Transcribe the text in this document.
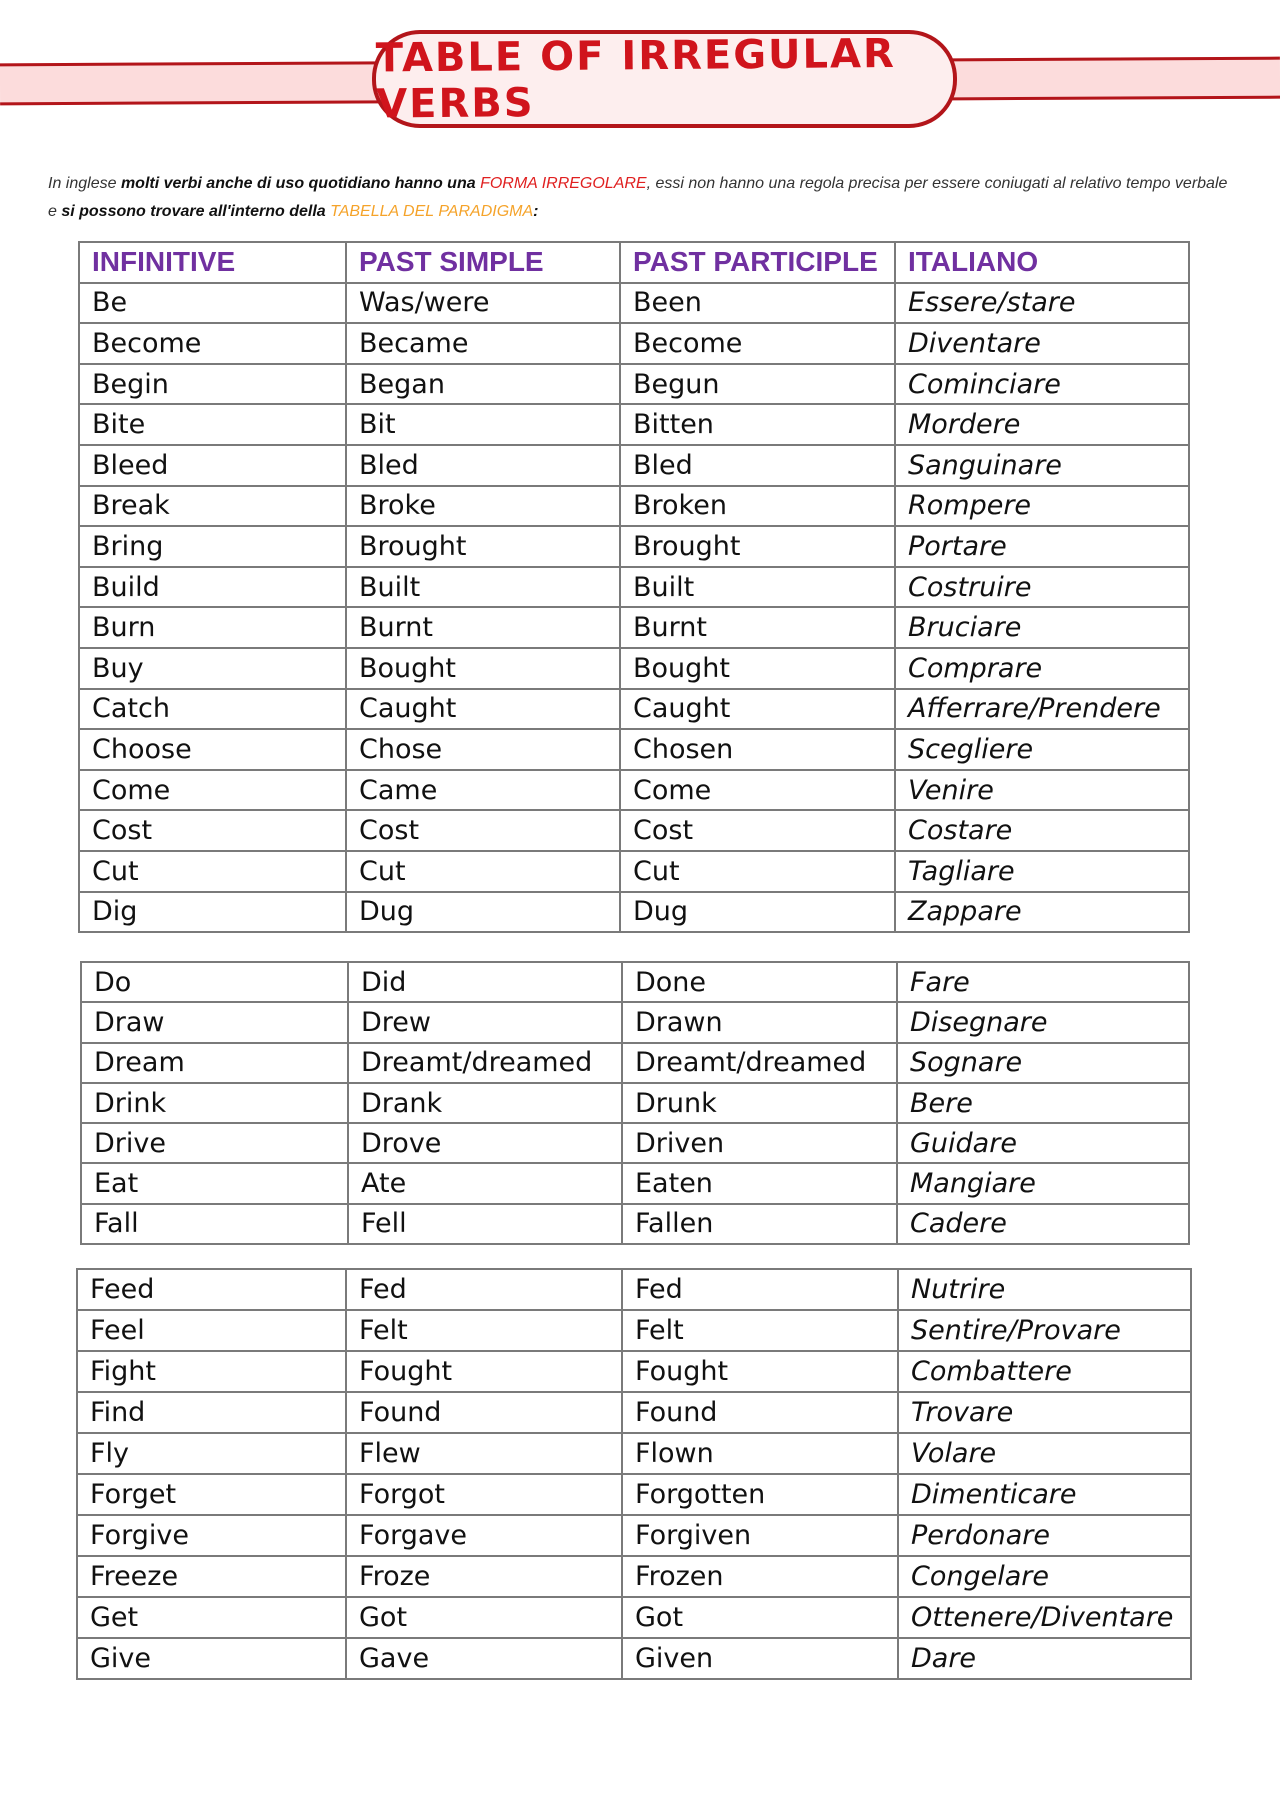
TABLE OF IRREGULAR VERBS
In inglese molti verbi anche di uso quotidiano hanno una FORMA IRREGOLARE, essi non hanno una regola precisa per essere coniugati al relativo tempo verbale e si possono trovare all'interno della TABELLA DEL PARADIGMA:
INFINITIVE	PAST SIMPLE	PAST PARTICIPLE	ITALIANO
Be	Was/were	Been	Essere/stare
Become	Became	Become	Diventare
Begin	Began	Begun	Cominciare
Bite	Bit	Bitten	Mordere
Bleed	Bled	Bled	Sanguinare
Break	Broke	Broken	Rompere
Bring	Brought	Brought	Portare
Build	Built	Built	Costruire
Burn	Burnt	Burnt	Bruciare
Buy	Bought	Bought	Comprare
Catch	Caught	Caught	Afferrare/Prendere
Choose	Chose	Chosen	Scegliere
Come	Came	Come	Venire
Cost	Cost	Cost	Costare
Cut	Cut	Cut	Tagliare
Dig	Dug	Dug	Zappare
Do	Did	Done	Fare
Draw	Drew	Drawn	Disegnare
Dream	Dreamt/dreamed	Dreamt/dreamed	Sognare
Drink	Drank	Drunk	Bere
Drive	Drove	Driven	Guidare
Eat	Ate	Eaten	Mangiare
Fall	Fell	Fallen	Cadere
Feed	Fed	Fed	Nutrire
Feel	Felt	Felt	Sentire/Provare
Fight	Fought	Fought	Combattere
Find	Found	Found	Trovare
Fly	Flew	Flown	Volare
Forget	Forgot	Forgotten	Dimenticare
Forgive	Forgave	Forgiven	Perdonare
Freeze	Froze	Frozen	Congelare
Get	Got	Got	Ottenere/Diventare
Give	Gave	Given	Dare
